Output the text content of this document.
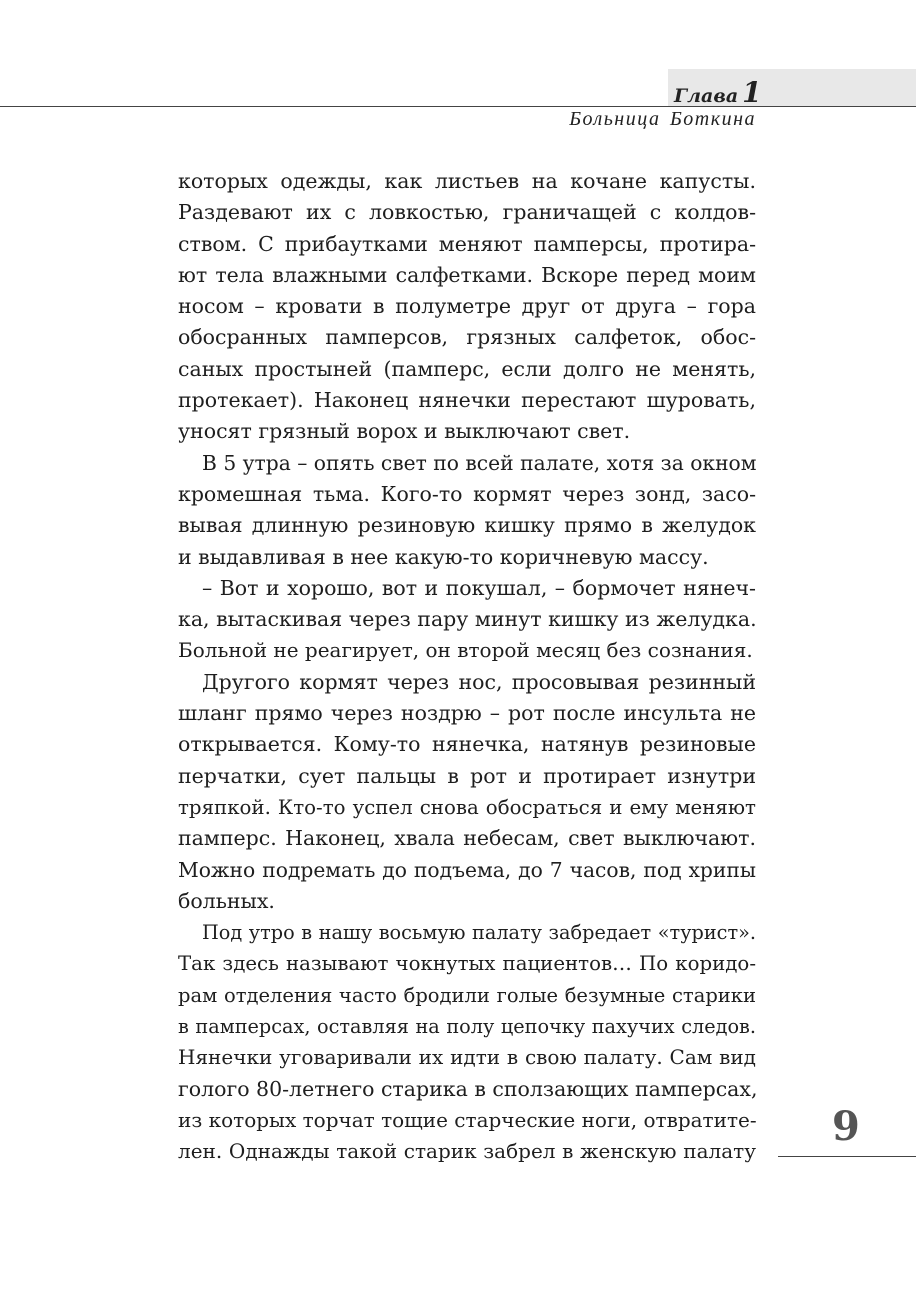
Глава 1
Больница Боткина
которых одежды, как листьев на кочане капусты.
Раздевают их с ловкостью, граничащей с колдов-
ством. С прибаутками меняют памперсы, протира-
ют тела влажными салфетками. Вскоре перед моим
носом – кровати в полуметре друг от друга – гора
обосранных памперсов, грязных салфеток, обос-
саных простыней (памперс, если долго не менять,
протекает). Наконец нянечки перестают шуровать,
уносят грязный ворох и выключают свет.
В 5 утра – опять свет по всей палате, хотя за окном
кромешная тьма. Кого-то кормят через зонд, засо-
вывая длинную резиновую кишку прямо в желудок
и выдавливая в нее какую-то коричневую массу.
– Вот и хорошо, вот и покушал, – бормочет нянеч-
ка, вытаскивая через пару минут кишку из желудка.
Больной не реагирует, он второй месяц без сознания.
Другого кормят через нос, просовывая резинный
шланг прямо через ноздрю – рот после инсульта не
открывается. Кому-то нянечка, натянув резиновые
перчатки, сует пальцы в рот и протирает изнутри
тряпкой. Кто-то успел снова обосраться и ему меняют
памперс. Наконец, хвала небесам, свет выключают.
Можно подремать до подъема, до 7 часов, под хрипы
больных.
Под утро в нашу восьмую палату забредает «турист».
Так здесь называют чокнутых пациентов… По коридо-
рам отделения часто бродили голые безумные старики
в памперсах, оставляя на полу цепочку пахучих следов.
Нянечки уговаривали их идти в свою палату. Сам вид
голого 80-летнего старика в сползающих памперсах,
из которых торчат тощие старческие ноги, отвратите-
лен. Однажды такой старик забрел в женскую палату
9
